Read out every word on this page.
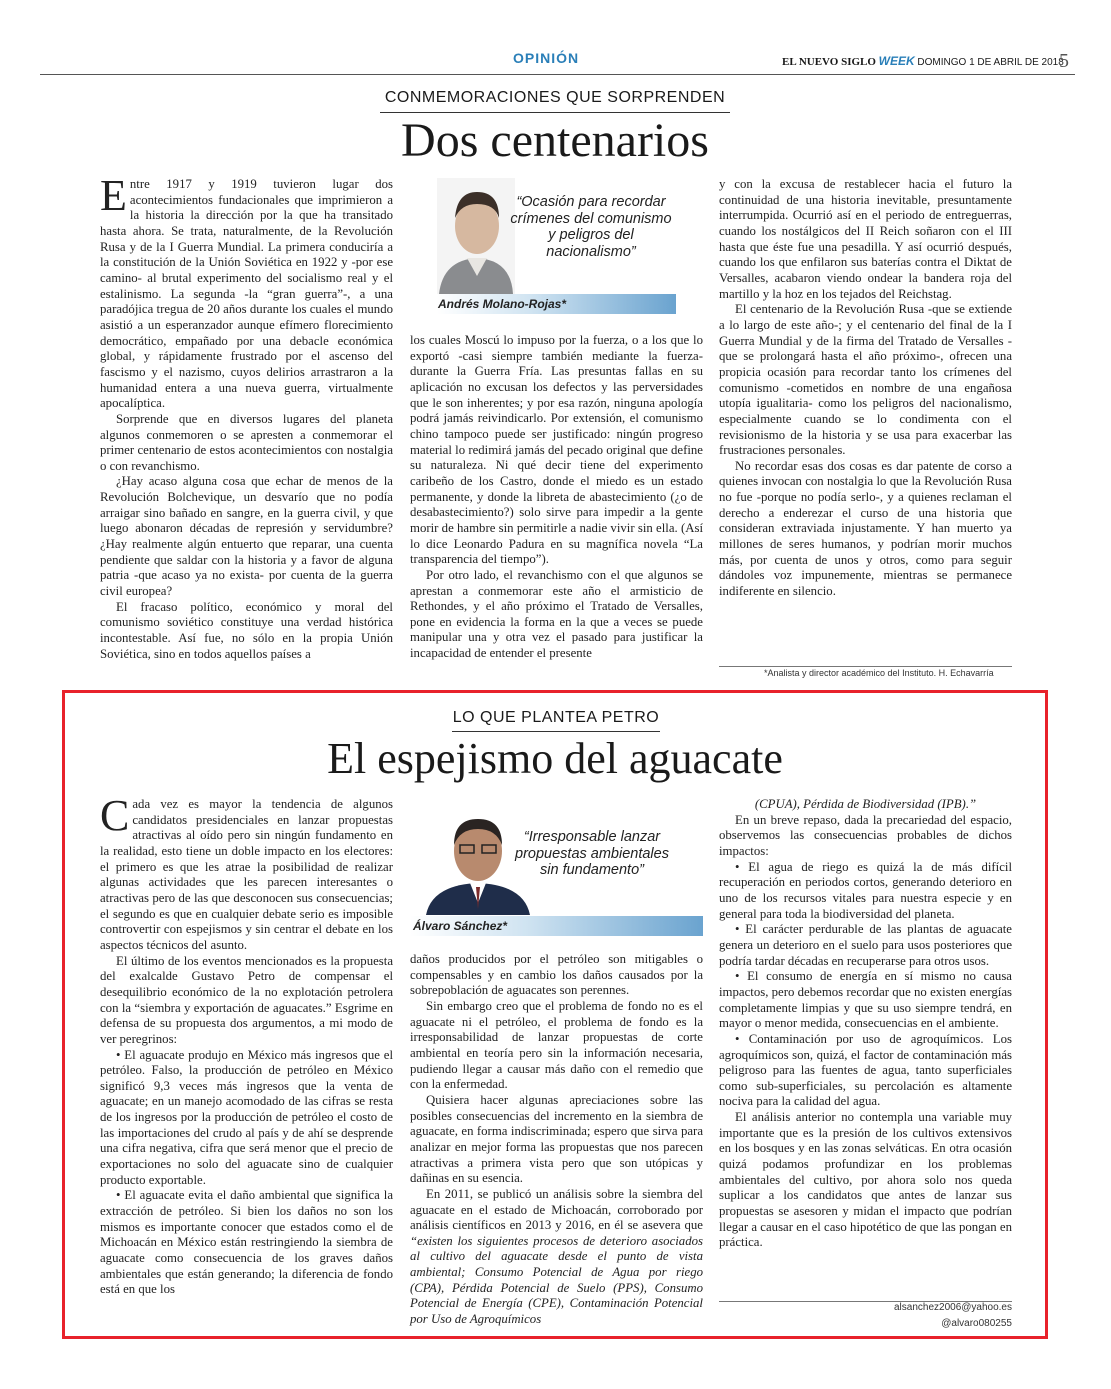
OPINIÓN	EL NUEVO SIGLO WEEK DOMINGO 1 DE ABRIL DE 2018
5
CONMEMORACIONES QUE SORPRENDEN
Dos centenarios

Entre 1917 y 1919 tuvieron lugar dos acontecimientos fundacionales que imprimieron a la historia la dirección por la que ha transitado hasta ahora. Se trata, naturalmente, de la Revolución Rusa y de la I Guerra Mundial. La primera conduciría a la constitución de la Unión Soviética en 1922 y -por ese camino- al brutal experimento del socialismo real y el estalinismo. La segunda -la “gran guerra”-, a una paradójica tregua de 20 años durante los cuales el mundo asistió a un esperanzador aunque efímero florecimiento democrático, empañado por una debacle económica global, y rápidamente frustrado por el ascenso del fascismo y el nazismo, cuyos delirios arrastraron a la humanidad entera a una nueva guerra, virtualmente apocalíptica.

Sorprende que en diversos lugares del planeta algunos conmemoren o se apresten a conmemorar el primer centenario de estos acontecimientos con nostalgia o con revanchismo.

¿Hay acaso alguna cosa que echar de menos de la Revolución Bolchevique, un desvarío que no podía arraigar sino bañado en sangre, en la guerra civil, y que luego abonaron décadas de represión y servidumbre? ¿Hay realmente algún entuerto que reparar, una cuenta pendiente que saldar con la historia y a favor de alguna patria -que acaso ya no exista- por cuenta de la guerra civil europea?

El fracaso político, económico y moral del comunismo soviético constituye una verdad histórica incontestable. Así fue, no sólo en la propia Unión Soviética, sino en todos aquellos países a

“Ocasión para recordar crímenes del comunismo y peligros del nacionalismo”
Andrés Molano-Rojas*

los cuales Moscú lo impuso por la fuerza, o a los que lo exportó -casi siempre también mediante la fuerza- durante la Guerra Fría. Las presuntas fallas en su aplicación no excusan los defectos y las perversidades que le son inherentes; y por esa razón, ninguna apología podrá jamás reivindicarlo. Por extensión, el comunismo chino tampoco puede ser justificado: ningún progreso material lo redimirá jamás del pecado original que define su naturaleza. Ni qué decir tiene del experimento caribeño de los Castro, donde el miedo es un estado permanente, y donde la libreta de abastecimiento (¿o de desabastecimiento?) solo sirve para impedir a la gente morir de hambre sin permitirle a nadie vivir sin ella. (Así lo dice Leonardo Padura en su magnífica novela “La transparencia del tiempo”).

Por otro lado, el revanchismo con el que algunos se aprestan a conmemorar este año el armisticio de Rethondes, y el año próximo el Tratado de Versalles, pone en evidencia la forma en la que a veces se puede manipular una y otra vez el pasado para justificar la incapacidad de entender el presente

y con la excusa de restablecer hacia el futuro la continuidad de una historia inevitable, presuntamente interrumpida. Ocurrió así en el periodo de entreguerras, cuando los nostálgicos del II Reich soñaron con el III hasta que éste fue una pesadilla. Y así ocurrió después, cuando los que enfilaron sus baterías contra el Diktat de Versalles, acabaron viendo ondear la bandera roja del martillo y la hoz en los tejados del Reichstag.

El centenario de la Revolución Rusa -que se extiende a lo largo de este año-; y el centenario del final de la I Guerra Mundial y de la firma del Tratado de Versalles -que se prolongará hasta el año próximo-, ofrecen una propicia ocasión para recordar tanto los crímenes del comunismo -cometidos en nombre de una engañosa utopía igualitaria- como los peligros del nacionalismo, especialmente cuando se lo condimenta con el revisionismo de la historia y se usa para exacerbar las frustraciones personales.

No recordar esas dos cosas es dar patente de corso a quienes invocan con nostalgia lo que la Revolución Rusa no fue -porque no podía serlo-, y a quienes reclaman el derecho a enderezar el curso de una historia que consideran extraviada injustamente. Y han muerto ya millones de seres humanos, y podrían morir muchos más, por cuenta de unos y otros, como para seguir dándoles voz impunemente, mientras se permanece indiferente en silencio.

*Analista y director académico del Instituto. H. Echavarría
LO QUE PLANTEA PETRO
El espejismo del aguacate

Cada vez es mayor la tendencia de algunos candidatos presidenciales en lanzar propuestas atractivas al oído pero sin ningún fundamento en la realidad, esto tiene un doble impacto en los electores: el primero es que les atrae la posibilidad de realizar algunas actividades que les parecen interesantes o atractivas pero de las que desconocen sus consecuencias; el segundo es que en cualquier debate serio es imposible controvertir con espejismos y sin centrar el debate en los aspectos técnicos del asunto.

El último de los eventos mencionados es la propuesta del exalcalde Gustavo Petro de compensar el desequilibrio económico de la no explotación petrolera con la “siembra y exportación de aguacates.” Esgrime en defensa de su propuesta dos argumentos, a mi modo de ver peregrinos:

• El aguacate produjo en México más ingresos que el petróleo. Falso, la producción de petróleo en México significó 9,3 veces más ingresos que la venta de aguacate; en un manejo acomodado de las cifras se resta de los ingresos por la producción de petróleo el costo de las importaciones del crudo al país y de ahí se desprende una cifra negativa, cifra que será menor que el precio de exportaciones no solo del aguacate sino de cualquier producto exportable.

• El aguacate evita el daño ambiental que significa la extracción de petróleo. Si bien los daños no son los mismos es importante conocer que estados como el de Michoacán en México están restringiendo la siembra de aguacate como consecuencia de los graves daños ambientales que están generando; la diferencia de fondo está en que los

“Irresponsable lanzar propuestas ambientales sin fundamento”
Álvaro Sánchez*

daños producidos por el petróleo son mitigables o compensables y en cambio los daños causados por la sobrepoblación de aguacates son perennes.

Sin embargo creo que el problema de fondo no es el aguacate ni el petróleo, el problema de fondo es la irresponsabilidad de lanzar propuestas de corte ambiental en teoría pero sin la información necesaria, pudiendo llegar a causar más daño con el remedio que con la enfermedad.

Quisiera hacer algunas apreciaciones sobre las posibles consecuencias del incremento en la siembra de aguacate, en forma indiscriminada; espero que sirva para analizar en mejor forma las propuestas que nos parecen atractivas a primera vista pero que son utópicas y dañinas en su esencia.

En 2011, se publicó un análisis sobre la siembra del aguacate en el estado de Michoacán, corroborado por análisis científicos en 2013 y 2016, en él se asevera que “existen los siguientes procesos de deterioro asociados al cultivo del aguacate desde el punto de vista ambiental; Consumo Potencial de Agua por riego (CPA), Pérdida Potencial de Suelo (PPS), Consumo Potencial de Energía (CPE), Contaminación Potencial por Uso de Agroquímicos

(CPUA), Pérdida de Biodiversidad (IPB).”

En un breve repaso, dada la precariedad del espacio, observemos las consecuencias probables de dichos impactos:

• El agua de riego es quizá la de más difícil recuperación en periodos cortos, generando deterioro en uno de los recursos vitales para nuestra especie y en general para toda la biodiversidad del planeta.

• El carácter perdurable de las plantas de aguacate genera un deterioro en el suelo para usos posteriores que podría tardar décadas en recuperarse para otros usos.

• El consumo de energía en sí mismo no causa impactos, pero debemos recordar que no existen energías completamente limpias y que su uso siempre tendrá, en mayor o menor medida, consecuencias en el ambiente.

• Contaminación por uso de agroquímicos. Los agroquímicos son, quizá, el factor de contaminación más peligroso para las fuentes de agua, tanto superficiales como sub-superficiales, su percolación es altamente nociva para la calidad del agua.

El análisis anterior no contempla una variable muy importante que es la presión de los cultivos extensivos en los bosques y en las zonas selváticas. En otra ocasión quizá podamos profundizar en los problemas ambientales del cultivo, por ahora solo nos queda suplicar a los candidatos que antes de lanzar sus propuestas se asesoren y midan el impacto que podrían llegar a causar en el caso hipotético de que las pongan en práctica.

alsanchez2006@yahoo.es
@alvaro080255
